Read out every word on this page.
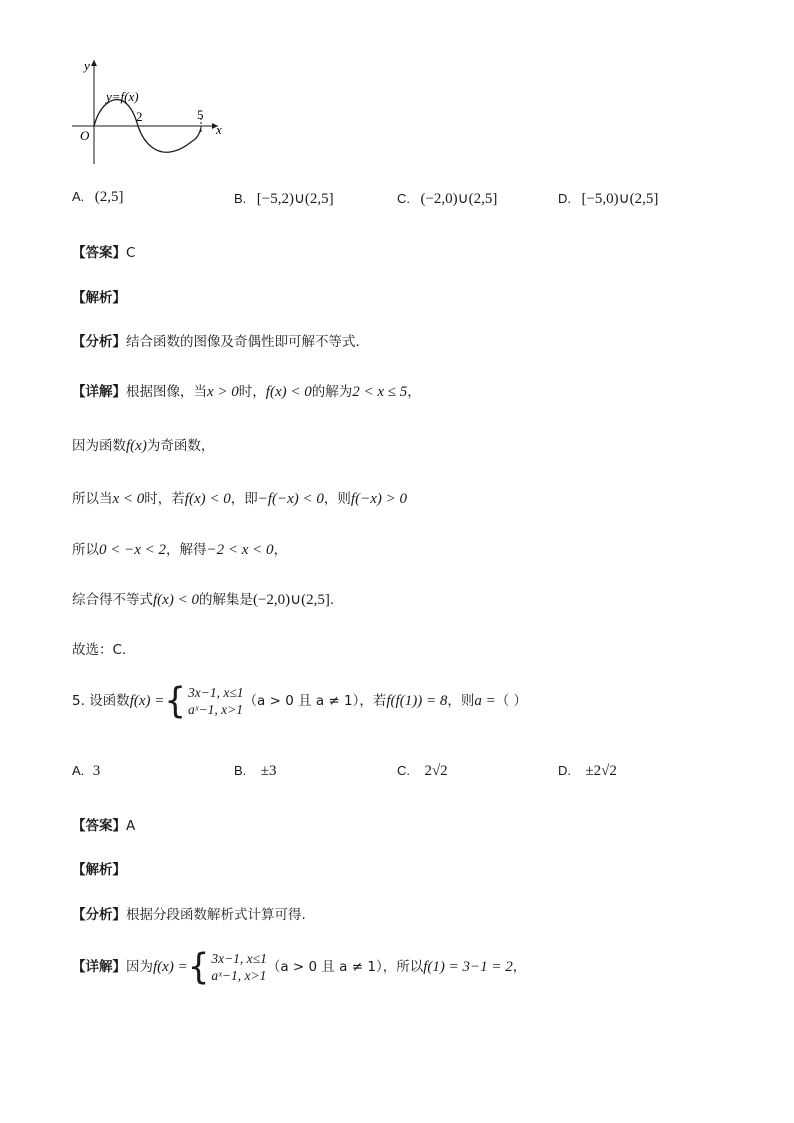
y
x
O
y=f(x)
2	5
A. (2,5]	B. [−5,2)∪(2,5]	C. (−2,0)∪(2,5]	D. [−5,0)∪(2,5]
【答案】C
【解析】
【分析】结合函数的图像及奇偶性即可解不等式.
【详解】根据图像，当x > 0时，f(x) < 0的解为2 < x ≤ 5，
因为函数f(x)为奇函数，
所以当x < 0时，若f(x) < 0，即−f(−x) < 0，则f(−x) > 0
所以0 < −x < 2，解得−2 < x < 0，
综合得不等式f(x) < 0的解集是(−2,0)∪(2,5].
故选：C.
5. 设函数f(x) ={ 3x−1, x≤1
aˣ−1, x>1（a > 0 且 a ≠ 1），若f(f(1)) = 8，则a =（ ）
A. 3	B. ±3	C. 2√2	D. ±2√2
【答案】A
【解析】
【分析】根据分段函数解析式计算可得.
【详解】因为f(x) ={ 3x−1, x≤1
aˣ−1, x>1（a > 0 且 a ≠ 1），所以f(1) = 3−1 = 2，
